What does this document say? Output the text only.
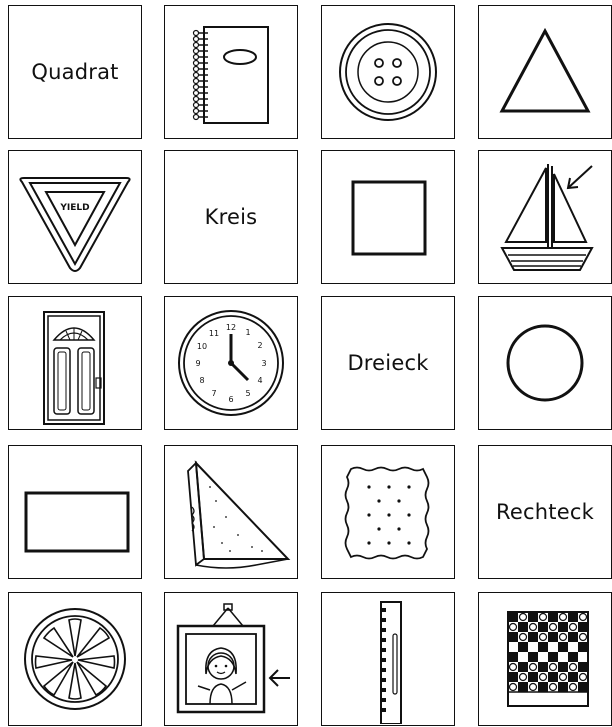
Quadrat
YIELD	Kreis
12
1
2
3
4
5
6
7
8
9
10
11
Dreieck
Rechteck
